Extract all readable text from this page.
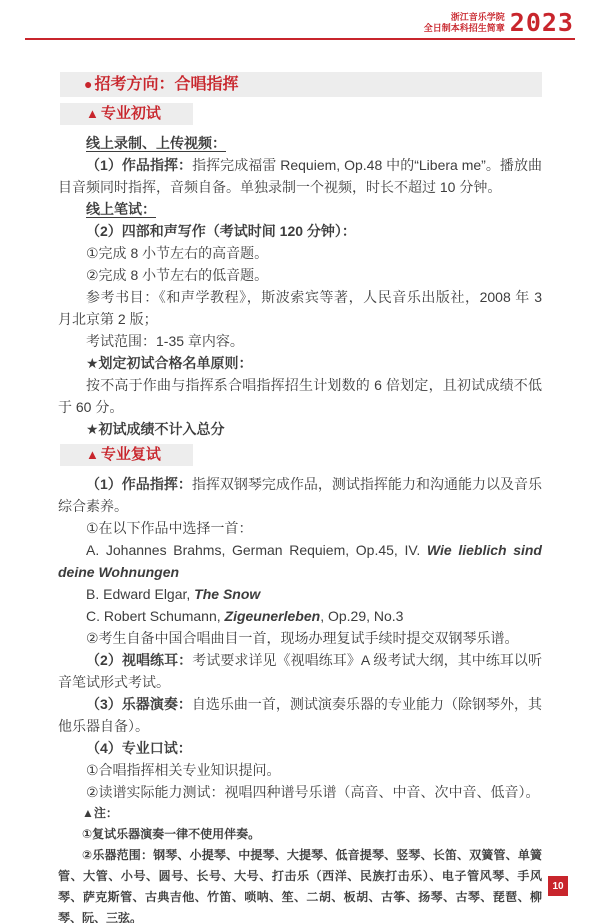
浙江音乐学院
全日制本科招生简章 2023
● 招考方向：合唱指挥
▲ 专业初试

线上录制、上传视频：

（1）作品指挥：指挥完成福雷 Requiem, Op.48 中的“Libera me”。播放曲目音频同时指挥，音频自备。单独录制一个视频，时长不超过 10 分钟。

线上笔试：

（2）四部和声写作（考试时间 120 分钟）：

①完成 8 小节左右的高音题。

②完成 8 小节左右的低音题。

参考书目：《和声学教程》，斯波索宾等著，人民音乐出版社，2008 年 3 月北京第 2 版；

考试范围：1-35 章内容。

★划定初试合格名单原则：

按不高于作曲与指挥系合唱指挥招生计划数的 6 倍划定，且初试成绩不低于 60 分。

★初试成绩不计入总分

▲ 专业复试

（1）作品指挥：指挥双钢琴完成作品，测试指挥能力和沟通能力以及音乐综合素养。

①在以下作品中选择一首：

A. Johannes Brahms, German Requiem, Op.45, IV. Wie lieblich sind deine Wohnungen

B. Edward Elgar, The Snow

C. Robert Schumann, Zigeunerleben, Op.29, No.3

②考生自备中国合唱曲目一首，现场办理复试手续时提交双钢琴乐谱。

（2）视唱练耳：考试要求详见《视唱练耳》A 级考试大纲，其中练耳以听音笔试形式考试。

（3）乐器演奏：自选乐曲一首，测试演奏乐器的专业能力（除钢琴外，其他乐器自备）。

（4）专业口试：

①合唱指挥相关专业知识提问。

②读谱实际能力测试：视唱四种谱号乐谱（高音、中音、次中音、低音）。

▲注：

①复试乐器演奏一律不使用伴奏。

②乐器范围：钢琴、小提琴、中提琴、大提琴、低音提琴、竖琴、长笛、双簧管、单簧管、大管、小号、圆号、长号、大号、打击乐（西洋、民族打击乐）、电子管风琴、手风琴、萨克斯管、古典吉他、竹笛、唢呐、笙、二胡、板胡、古筝、扬琴、古琴、琵琶、柳琴、阮、三弦。

10
